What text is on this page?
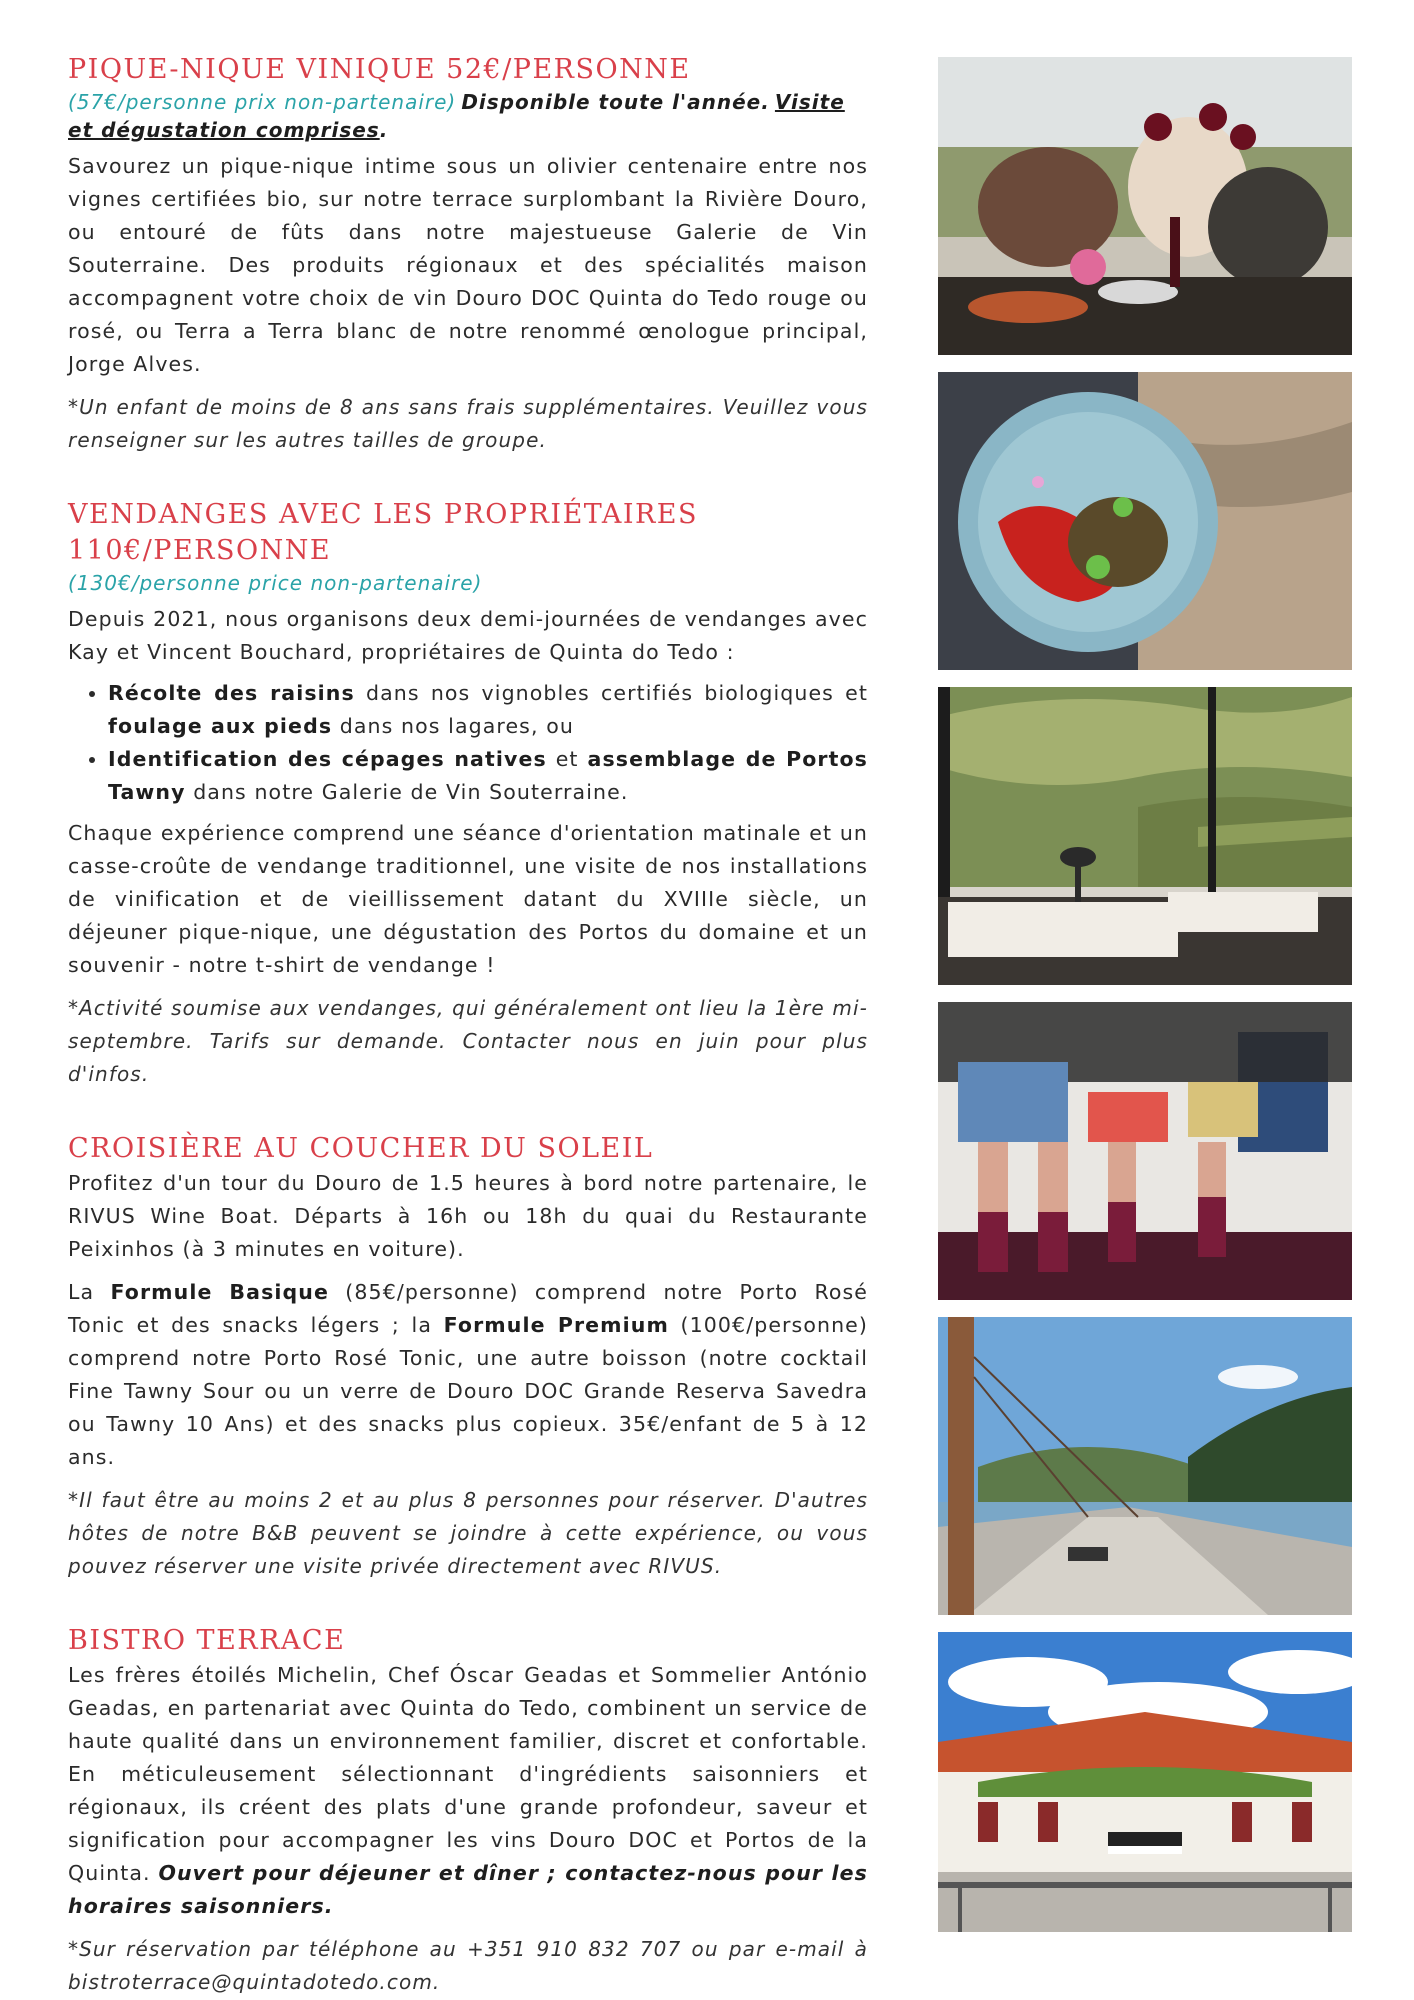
PIQUE-NIQUE VINIQUE 52€/PERSONNE

(57€/personne prix non-partenaire) Disponible toute l'année. Visite et dégustation comprises.

Savourez un pique-nique intime sous un olivier centenaire entre nos vignes certifiées bio, sur notre terrace surplombant la Rivière Douro, ou entouré de fûts dans notre majestueuse Galerie de Vin Souterraine. Des produits régionaux et des spécialités maison accompagnent votre choix de vin Douro DOC Quinta do Tedo rouge ou rosé, ou Terra a Terra blanc de notre renommé œnologue principal, Jorge Alves.

*Un enfant de moins de 8 ans sans frais supplémentaires. Veuillez vous renseigner sur les autres tailles de groupe.

VENDANGES AVEC LES PROPRIÉTAIRES
110€/PERSONNE

(130€/personne price non-partenaire)

Depuis 2021, nous organisons deux demi-journées de vendanges avec Kay et Vincent Bouchard, propriétaires de Quinta do Tedo :

• Récolte des raisins dans nos vignobles certifiés biologiques et foulage aux pieds dans nos lagares, ou
• Identification des cépages natives et assemblage de Portos Tawny dans notre Galerie de Vin Souterraine.

Chaque expérience comprend une séance d'orientation matinale et un casse-croûte de vendange traditionnel, une visite de nos installations de vinification et de vieillissement datant du XVIIIe siècle, un déjeuner pique-nique, une dégustation des Portos du domaine et un souvenir - notre t-shirt de vendange !

*Activité soumise aux vendanges, qui généralement ont lieu la 1ère mi-septembre. Tarifs sur demande. Contacter nous en juin pour plus d'infos.

CROISIÈRE AU COUCHER DU SOLEIL

Profitez d'un tour du Douro de 1.5 heures à bord notre partenaire, le RIVUS Wine Boat. Départs à 16h ou 18h du quai du Restaurante Peixinhos (à 3 minutes en voiture).

La Formule Basique (85€/personne) comprend notre Porto Rosé Tonic et des snacks légers ; la Formule Premium (100€/personne) comprend notre Porto Rosé Tonic, une autre boisson (notre cocktail Fine Tawny Sour ou un verre de Douro DOC Grande Reserva Savedra ou Tawny 10 Ans) et des snacks plus copieux. 35€/enfant de 5 à 12 ans.

*Il faut être au moins 2 et au plus 8 personnes pour réserver. D'autres hôtes de notre B&B peuvent se joindre à cette expérience, ou vous pouvez réserver une visite privée directement avec RIVUS.

BISTRO TERRACE

Les frères étoilés Michelin, Chef Óscar Geadas et Sommelier António Geadas, en partenariat avec Quinta do Tedo, combinent un service de haute qualité dans un environnement familier, discret et confortable. En méticuleusement sélectionnant d'ingrédients saisonniers et régionaux, ils créent des plats d'une grande profondeur, saveur et signification pour accompagner les vins Douro DOC et Portos de la Quinta. Ouvert pour déjeuner et dîner ; contactez-nous pour les horaires saisonniers.

*Sur réservation par téléphone au +351 910 832 707 ou par e-mail à bistroterrace@quintadotedo.com.
